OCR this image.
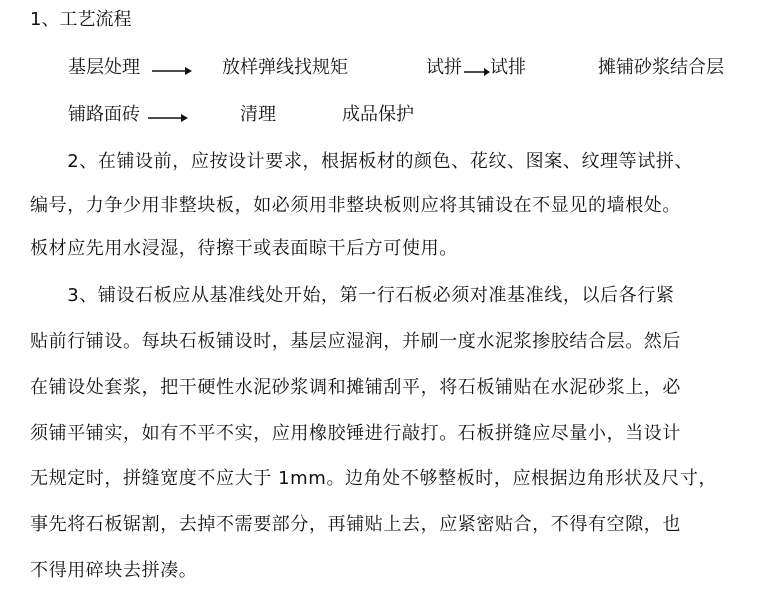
1、工艺流程
基层处理	放样弹线找规矩	试拼 试排	摊铺砂浆结合层
铺路面砖	清理	成品保护
　　2、在铺设前，应按设计要求，根据板材的颜色、花纹、图案、纹理等试拼、
编号，力争少用非整块板，如必须用非整块板则应将其铺设在不显见的墙根处。
板材应先用水浸湿，待擦干或表面晾干后方可使用。
　　3、铺设石板应从基准线处开始，第一行石板必须对准基准线，以后各行紧
贴前行铺设。每块石板铺设时，基层应湿润，并刷一度水泥浆掺胶结合层。然后
在铺设处套浆，把干硬性水泥砂浆调和摊铺刮平，将石板铺贴在水泥砂浆上，必
须铺平铺实，如有不平不实，应用橡胶锤进行敲打。石板拼缝应尽量小，当设计
无规定时，拼缝宽度不应大于 1mm。边角处不够整板时，应根据边角形状及尺寸，
事先将石板锯割，去掉不需要部分，再铺贴上去，应紧密贴合，不得有空隙，也
不得用碎块去拼凑。
